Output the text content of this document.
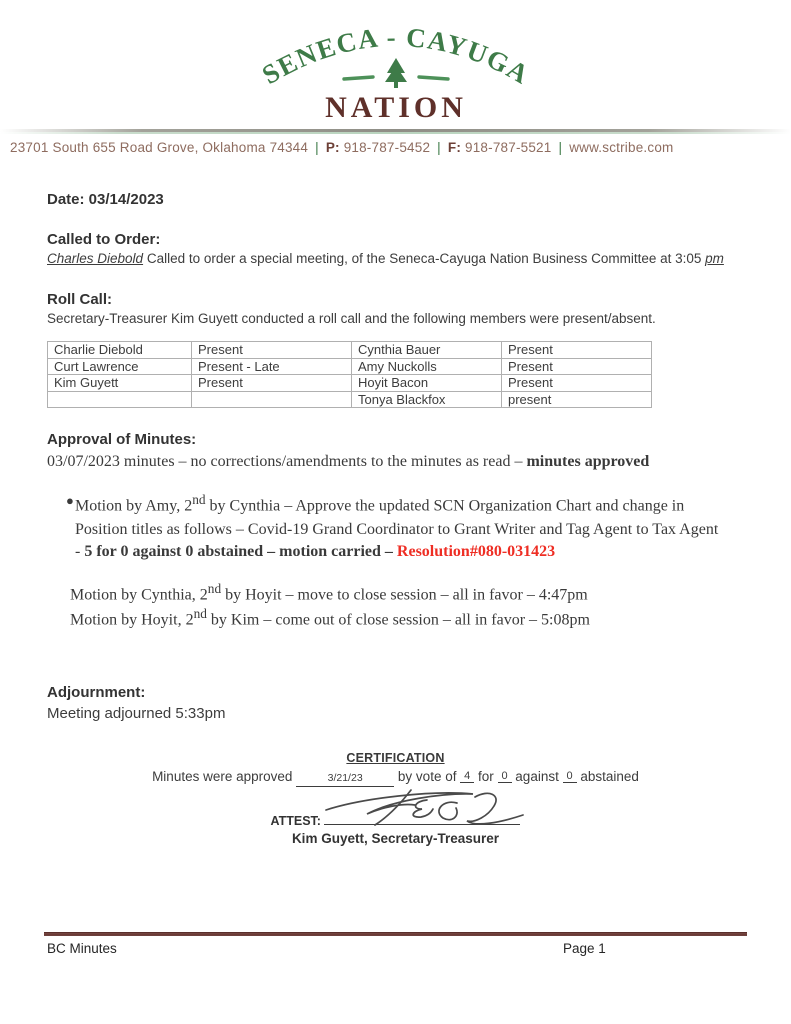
SENECA - CAYUGA
NATION
23701 South 655 Road Grove, Oklahoma 74344 | P: 918-787-5452 | F: 918-787-5521 | www.sctribe.com
Date: 03/14/2023
Called to Order:
Charles Diebold Called to order a special meeting, of the Seneca-Cayuga Nation Business Committee at 3:05 pm
Roll Call:
Secretary-Treasurer Kim Guyett conducted a roll call and the following members were present/absent.
Charlie Diebold	Present	Cynthia Bauer	Present
Curt Lawrence	Present - Late	Amy Nuckolls	Present
Kim Guyett	Present	Hoyit Bacon	Present
		Tonya Blackfox	present
Approval of Minutes:
03/07/2023 minutes – no corrections/amendments to the minutes as read – minutes approved
● Motion by Amy, 2nd by Cynthia – Approve the updated SCN Organization Chart and change in Position titles as follows – Covid-19 Grand Coordinator to Grant Writer and Tag Agent to Tax Agent - 5 for 0 against 0 abstained – motion carried – Resolution#080-031423
Motion by Cynthia, 2nd by Hoyit – move to close session – all in favor – 4:47pm
Motion by Hoyit, 2nd by Kim – come out of close session – all in favor – 5:08pm
Adjournment:
Meeting adjourned 5:33pm
CERTIFICATION
Minutes were approved	3/21/23	by vote of 4 for 0 against 0 abstained
ATTEST:
Kim Guyett, Secretary-Treasurer
BC Minutes	Page 1
